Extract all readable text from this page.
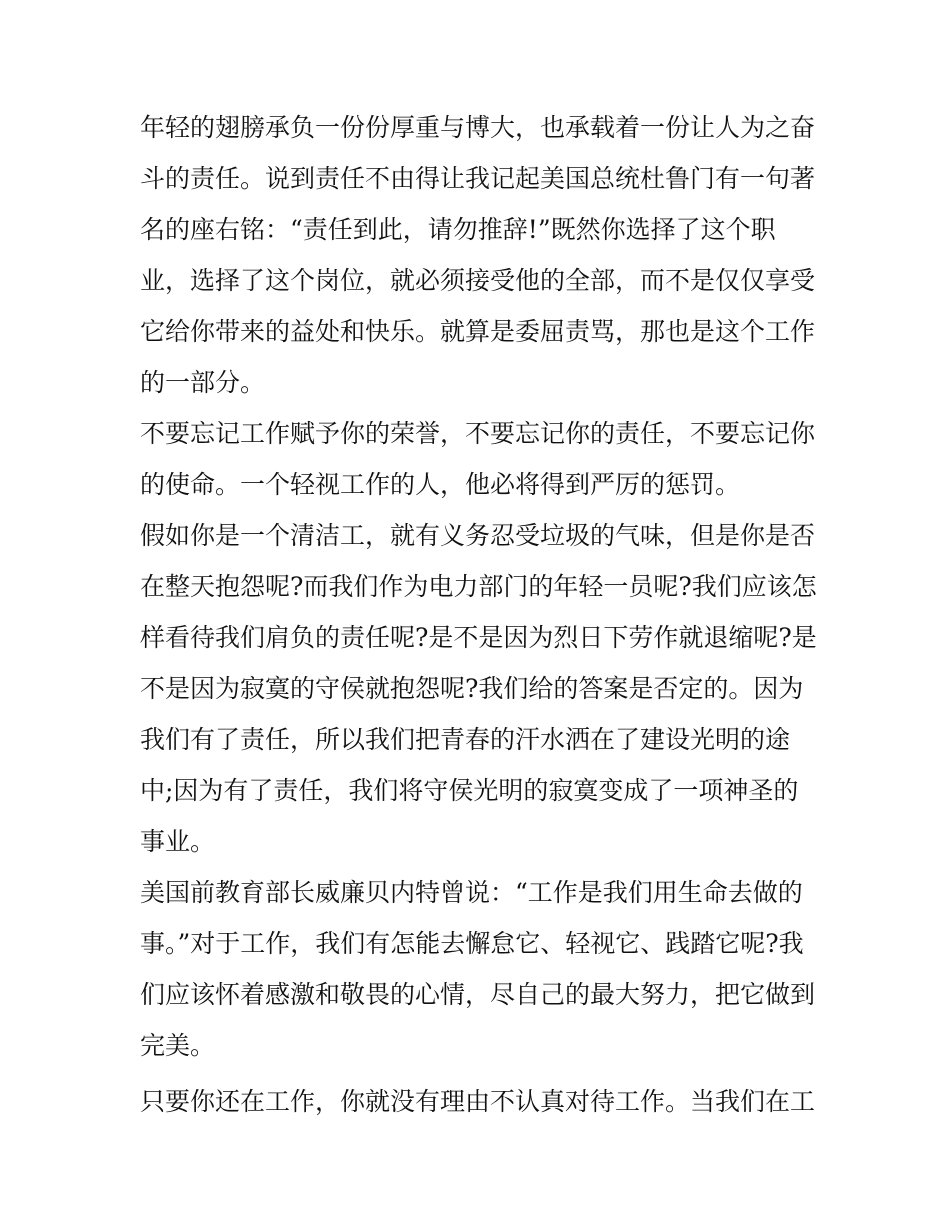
年轻的翅膀承负一份份厚重与博大，也承载着一份让人为之奋
斗的责任。说到责任不由得让我记起美国总统杜鲁门有一句著
名的座右铭：“责任到此，请勿推辞!”既然你选择了这个职
业，选择了这个岗位，就必须接受他的全部，而不是仅仅享受
它给你带来的益处和快乐。就算是委屈责骂，那也是这个工作
的一部分。
不要忘记工作赋予你的荣誉，不要忘记你的责任，不要忘记你
的使命。一个轻视工作的人，他必将得到严厉的惩罚。
假如你是一个清洁工，就有义务忍受垃圾的气味，但是你是否
在整天抱怨呢?而我们作为电力部门的年轻一员呢?我们应该怎
样看待我们肩负的责任呢?是不是因为烈日下劳作就退缩呢?是
不是因为寂寞的守侯就抱怨呢?我们给的答案是否定的。因为
我们有了责任，所以我们把青春的汗水洒在了建设光明的途
中;因为有了责任，我们将守侯光明的寂寞变成了一项神圣的
事业。
美国前教育部长威廉贝内特曾说：“工作是我们用生命去做的
事。”对于工作，我们有怎能去懈怠它、轻视它、践踏它呢?我
们应该怀着感激和敬畏的心情，尽自己的最大努力，把它做到
完美。
只要你还在工作，你就没有理由不认真对待工作。当我们在工
